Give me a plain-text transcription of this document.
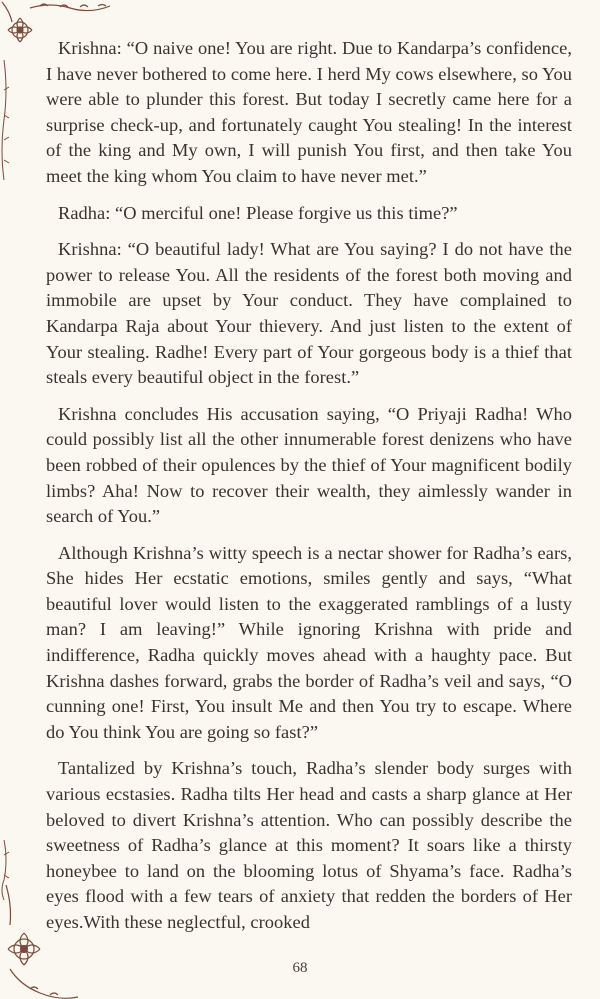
Krishna: “O naive one! You are right. Due to Kandarpa’s confidence, I have never bothered to come here. I herd My cows elsewhere, so You were able to plunder this forest. But today I secretly came here for a surprise check-up, and fortunately caught You stealing! In the interest of the king and My own, I will punish You first, and then take You meet the king whom You claim to have never met.”

Radha: “O merciful one! Please forgive us this time?”

Krishna: “O beautiful lady! What are You saying? I do not have the power to release You. All the residents of the forest both moving and immobile are upset by Your conduct. They have complained to Kandarpa Raja about Your thievery. And just listen to the extent of Your stealing. Radhe! Every part of Your gorgeous body is a thief that steals every beautiful object in the forest.”

Krishna concludes His accusation saying, “O Priyaji Radha! Who could possibly list all the other innumerable forest denizens who have been robbed of their opulences by the thief of Your magnificent bodily limbs? Aha! Now to recover their wealth, they aimlessly wander in search of You.”

Although Krishna’s witty speech is a nectar shower for Radha’s ears, She hides Her ecstatic emotions, smiles gently and says, “What beautiful lover would listen to the exaggerated ramblings of a lusty man? I am leaving!” While ignoring Krishna with pride and indifference, Radha quickly moves ahead with a haughty pace. But Krishna dashes forward, grabs the border of Radha’s veil and says, “O cunning one! First, You insult Me and then You try to escape. Where do You think You are going so fast?”

Tantalized by Krishna’s touch, Radha’s slender body surges with various ecstasies. Radha tilts Her head and casts a sharp glance at Her beloved to divert Krishna’s attention. Who can possibly describe the sweetness of Radha’s glance at this moment? It soars like a thirsty honeybee to land on the blooming lotus of Shyama’s face. Radha’s eyes flood with a few tears of anxiety that redden the borders of Her eyes.With these neglectful, crooked

68
